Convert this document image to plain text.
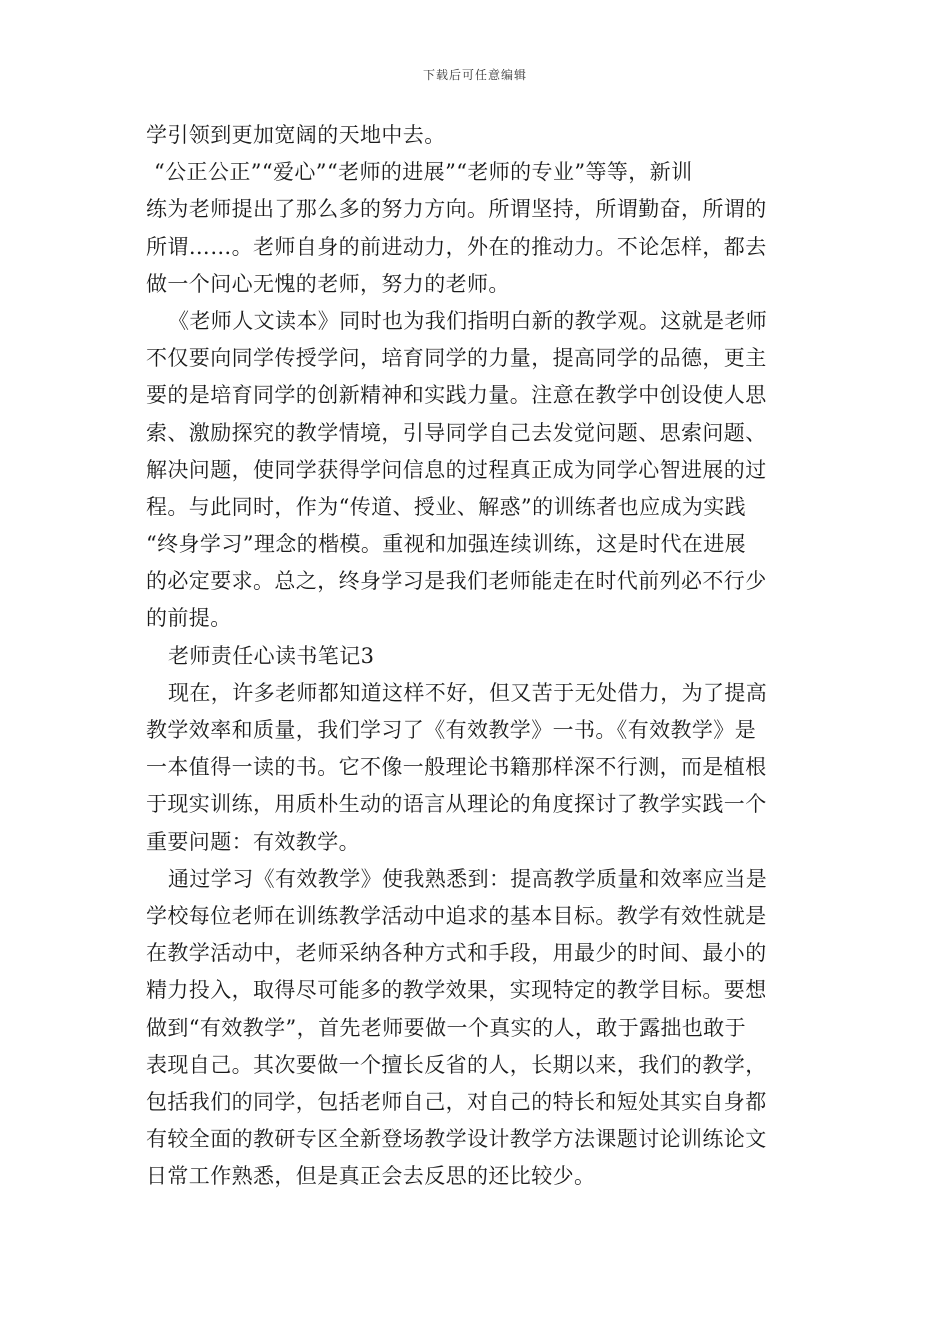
下载后可任意编辑
学引领到更加宽阔的天地中去。
“公正公正”“爱心”“老师的进展”“老师的专业”等等，新训
练为老师提出了那么多的努力方向。所谓坚持，所谓勤奋，所谓的
所谓……。老师自身的前进动力，外在的推动力。不论怎样，都去
做一个问心无愧的老师，努力的老师。
《老师人文读本》同时也为我们指明白新的教学观。这就是老师
不仅要向同学传授学问，培育同学的力量，提高同学的品德，更主
要的是培育同学的创新精神和实践力量。注意在教学中创设使人思
索、激励探究的教学情境，引导同学自己去发觉问题、思索问题、
解决问题，使同学获得学问信息的过程真正成为同学心智进展的过
程。与此同时，作为“传道、授业、解惑”的训练者也应成为实践
“终身学习”理念的楷模。重视和加强连续训练，这是时代在进展
的必定要求。总之，终身学习是我们老师能走在时代前列必不行少
的前提。
老师责任心读书笔记3
现在，许多老师都知道这样不好，但又苦于无处借力，为了提高
教学效率和质量，我们学习了《有效教学》一书。《有效教学》是
一本值得一读的书。它不像一般理论书籍那样深不行测，而是植根
于现实训练，用质朴生动的语言从理论的角度探讨了教学实践一个
重要问题：有效教学。
通过学习《有效教学》使我熟悉到：提高教学质量和效率应当是
学校每位老师在训练教学活动中追求的基本目标。教学有效性就是
在教学活动中，老师采纳各种方式和手段，用最少的时间、最小的
精力投入，取得尽可能多的教学效果，实现特定的教学目标。要想
做到“有效教学”，首先老师要做一个真实的人，敢于露拙也敢于
表现自己。其次要做一个擅长反省的人，长期以来，我们的教学，
包括我们的同学，包括老师自己，对自己的特长和短处其实自身都
有较全面的教研专区全新登场教学设计教学方法课题讨论训练论文
日常工作熟悉，但是真正会去反思的还比较少。
